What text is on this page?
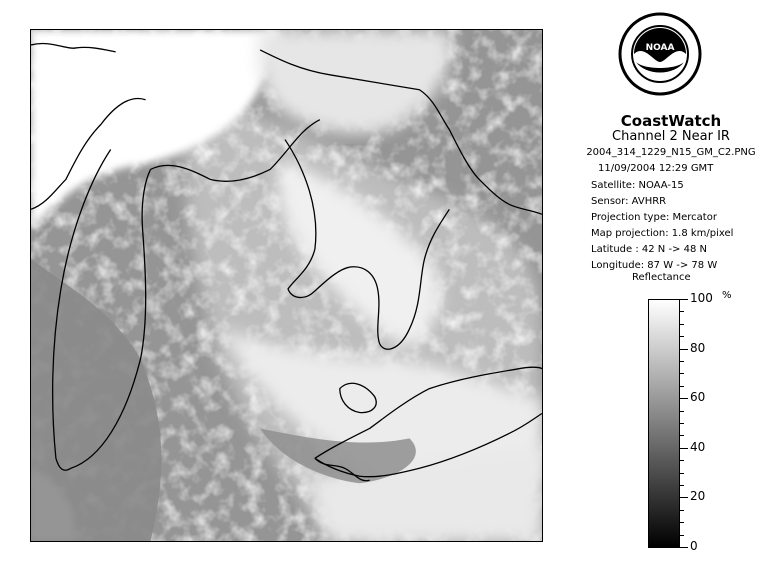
NOAA
CoastWatch
Channel 2 Near IR
2004_314_1229_N15_GM_C2.PNG
11/09/2004 12:29 GMT
Satellite: NOAA-15
Sensor: AVHRR
Projection type: Mercator
Map projection: 1.8 km/pixel
Latitude : 42 N -> 48 N
Longitude: 87 W -> 78 W
Reflectance
%
100
80
60
40
20
0
